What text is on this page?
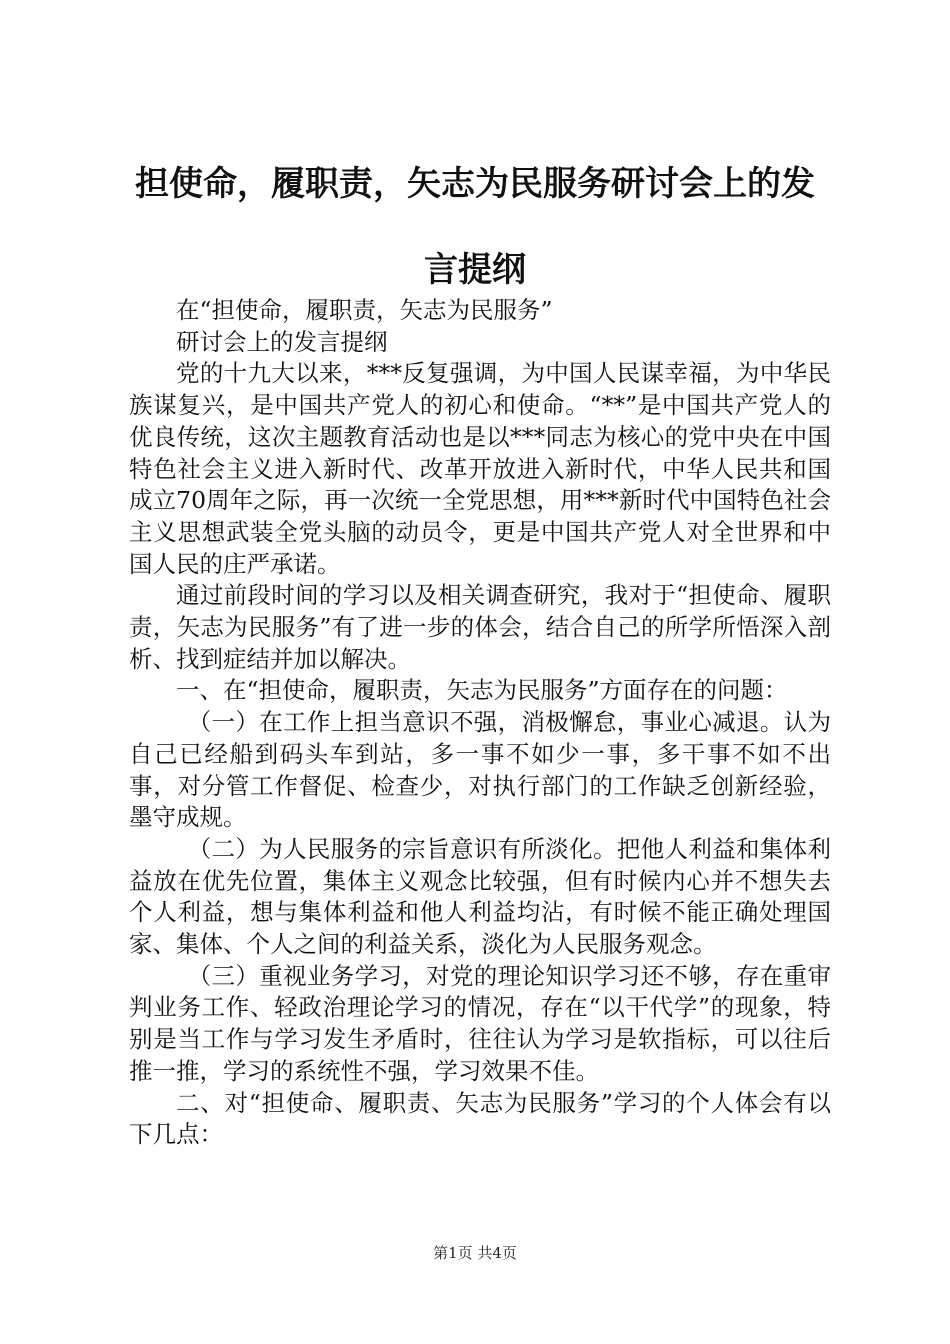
担使命，履职责，矢志为民服务研讨会上的发
言提纲

在“担使命，履职责，矢志为民服务”

研讨会上的发言提纲

党的十九大以来，***反复强调，为中国人民谋幸福，为中华民族谋复兴，是中国共产党人的初心和使命。“**”是中国共产党人的优良传统，这次主题教育活动也是以***同志为核心的党中央在中国特色社会主义进入新时代、改革开放进入新时代，中华人民共和国成立70周年之际，再一次统一全党思想，用***新时代中国特色社会主义思想武装全党头脑的动员令，更是中国共产党人对全世界和中国人民的庄严承诺。

通过前段时间的学习以及相关调查研究，我对于“担使命、履职责，矢志为民服务”有了进一步的体会，结合自己的所学所悟深入剖析、找到症结并加以解决。

一、在“担使命，履职责，矢志为民服务”方面存在的问题：

（一）在工作上担当意识不强，消极懈怠，事业心减退。认为自己已经船到码头车到站，多一事不如少一事，多干事不如不出事，对分管工作督促、检查少，对执行部门的工作缺乏创新经验，墨守成规。

（二）为人民服务的宗旨意识有所淡化。把他人利益和集体利益放在优先位置，集体主义观念比较强，但有时候内心并不想失去个人利益，想与集体利益和他人利益均沾，有时候不能正确处理国家、集体、个人之间的利益关系，淡化为人民服务观念。

（三）重视业务学习，对党的理论知识学习还不够，存在重审判业务工作、轻政治理论学习的情况，存在“以干代学”的现象，特别是当工作与学习发生矛盾时，往往认为学习是软指标，可以往后推一推，学习的系统性不强，学习效果不佳。

二、对“担使命、履职责、矢志为民服务”学习的个人体会有以下几点：

第1页 共4页
